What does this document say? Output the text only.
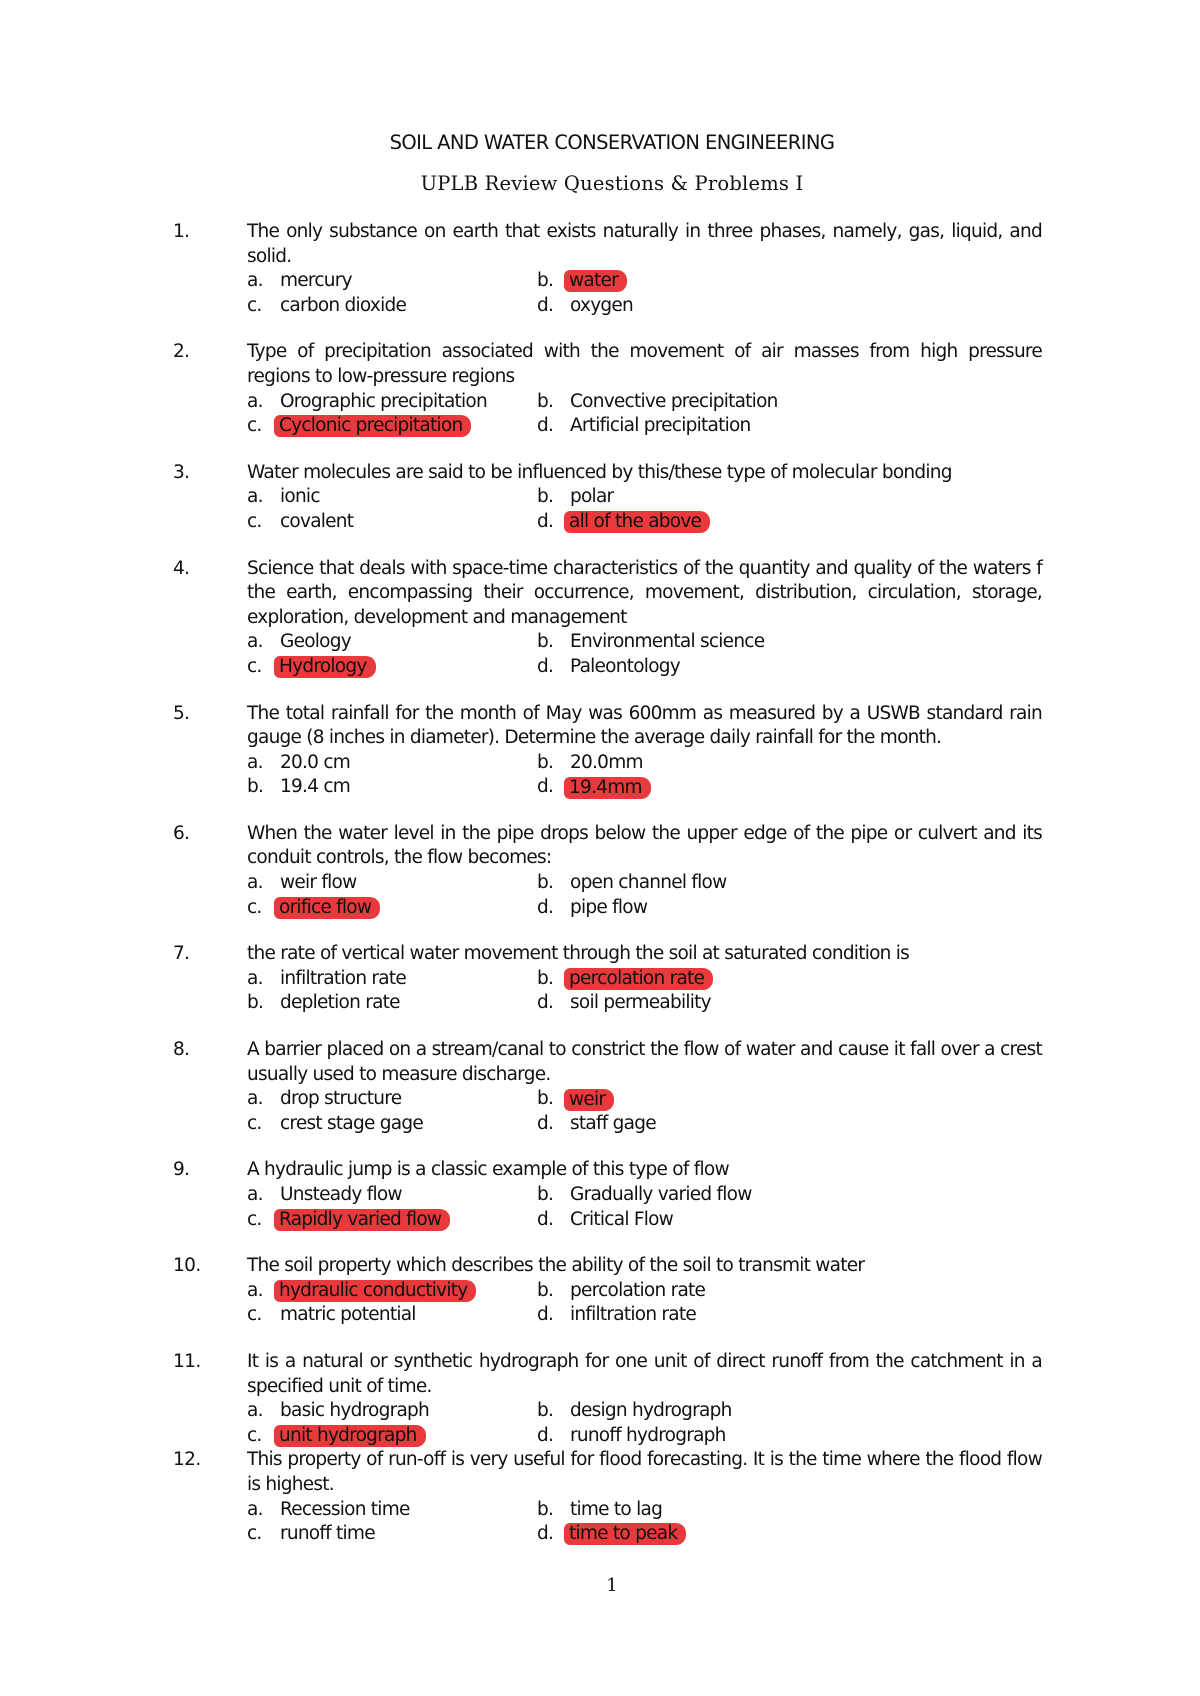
SOIL AND WATER CONSERVATION ENGINEERING
UPLB Review Questions & Problems I
1.	The only substance on earth that exists naturally in three phases, namely, gas, liquid, and solid.
a. mercury	b. water
c. carbon dioxide	d. oxygen
2.	Type of precipitation associated with the movement of air masses from high pressure regions to low-pressure regions
a. Orographic precipitation	b. Convective precipitation
c. Cyclonic precipitation	d. Artificial precipitation
3.	Water molecules are said to be influenced by this/these type of molecular bonding
a. ionic	b. polar
c. covalent	d. all of the above
4.	Science that deals with space-time characteristics of the quantity and quality of the waters f the earth, encompassing their occurrence, movement, distribution, circulation, storage, exploration, development and management
a. Geology	b. Environmental science
c. Hydrology	d. Paleontology
5.	The total rainfall for the month of May was 600mm as measured by a USWB standard rain gauge (8 inches in diameter). Determine the average daily rainfall for the month.
a. 20.0 cm	b. 20.0mm
b. 19.4 cm	d. 19.4mm
6.	When the water level in the pipe drops below the upper edge of the pipe or culvert and its conduit controls, the flow becomes:
a. weir flow	b. open channel flow
c. orifice flow	d. pipe flow
7.	the rate of vertical water movement through the soil at saturated condition is
a. infiltration rate	b. percolation rate
b. depletion rate	d. soil permeability
8.	A barrier placed on a stream/canal to constrict the flow of water and cause it fall over a crest usually used to measure discharge.
a. drop structure	b. weir
c. crest stage gage	d. staff gage
9.	A hydraulic jump is a classic example of this type of flow
a. Unsteady flow	b. Gradually varied flow
c. Rapidly varied flow	d. Critical Flow
10.	The soil property which describes the ability of the soil to transmit water
a. hydraulic conductivity	b. percolation rate
c. matric potential	d. infiltration rate
11.	It is a natural or synthetic hydrograph for one unit of direct runoff from the catchment in a specified unit of time.
a. basic hydrograph	b. design hydrograph
c. unit hydrograph	d. runoff hydrograph
12.	This property of run-off is very useful for flood forecasting. It is the time where the flood flow is highest.
a. Recession time	b. time to lag
c. runoff time	d. time to peak
1
